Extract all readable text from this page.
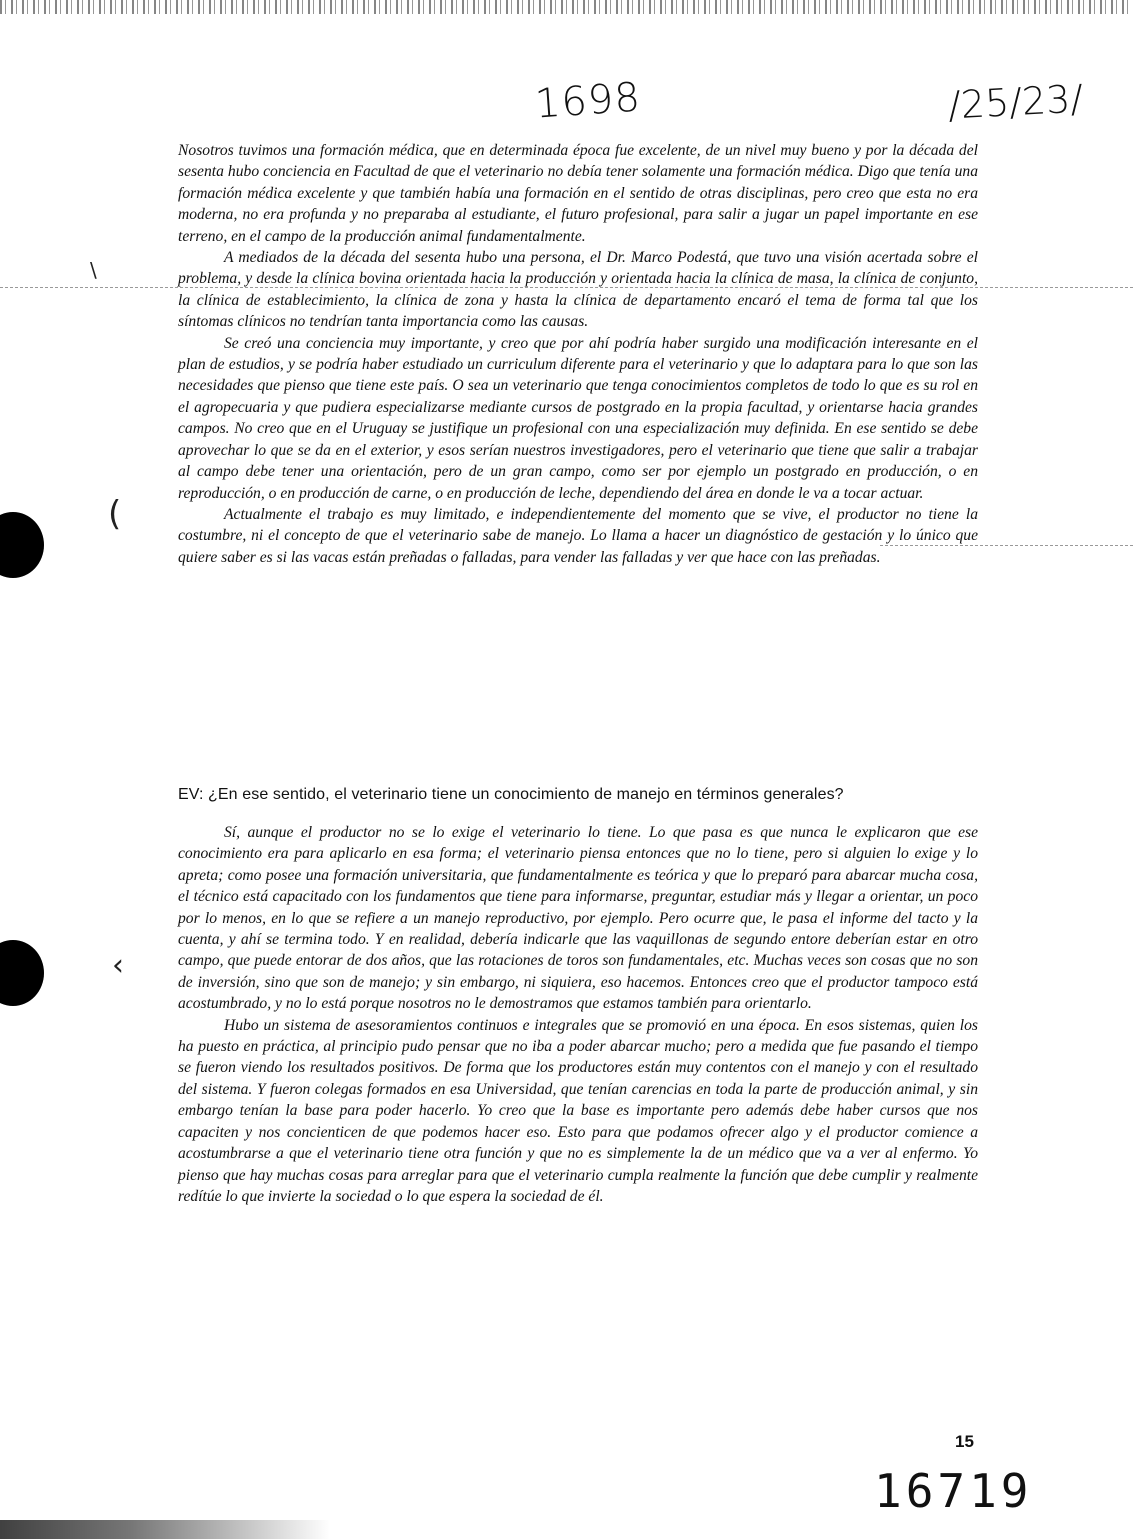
(
‹
\
1698	/25/23/

Nosotros tuvimos una formación médica, que en determinada época fue excelente, de un nivel muy bueno y por la década del sesenta hubo conciencia en Facultad de que el veterinario no debía tener solamente una formación médica. Digo que tenía una formación médica excelente y que también había una formación en el sentido de otras disciplinas, pero creo que esta no era moderna, no era profunda y no preparaba al estudiante, el futuro profesional, para salir a jugar un papel importante en ese terreno, en el campo de la producción animal fundamentalmente.

A mediados de la década del sesenta hubo una persona, el Dr. Marco Podestá, que tuvo una visión acertada sobre el problema, y desde la clínica bovina orientada hacia la producción y orientada hacia la clínica de masa, la clínica de conjunto, la clínica de establecimiento, la clínica de zona y hasta la clínica de departamento encaró el tema de forma tal que los síntomas clínicos no tendrían tanta importancia como las causas.

Se creó una conciencia muy importante, y creo que por ahí podría haber surgido una modificación interesante en el plan de estudios, y se podría haber estudiado un curriculum diferente para el veterinario y que lo adaptara para lo que son las necesidades que pienso que tiene este país. O sea un veterinario que tenga conocimientos completos de todo lo que es su rol en el agropecuaria y que pudiera especializarse mediante cursos de postgrado en la propia facultad, y orientarse hacia grandes campos. No creo que en el Uruguay se justifique un profesional con una especialización muy definida. En ese sentido se debe aprovechar lo que se da en el exterior, y esos serían nuestros investigadores, pero el veterinario que tiene que salir a trabajar al campo debe tener una orientación, pero de un gran campo, como ser por ejemplo un postgrado en producción, o en reproducción, o en producción de carne, o en producción de leche, dependiendo del área en donde le va a tocar actuar.

Actualmente el trabajo es muy limitado, e independientemente del momento que se vive, el productor no tiene la costumbre, ni el concepto de que el veterinario sabe de manejo. Lo llama a hacer un diagnóstico de gestación y lo único que quiere saber es si las vacas están preñadas o falladas, para vender las falladas y ver que hace con las preñadas.

EV: ¿En ese sentido, el veterinario tiene un conocimiento de manejo en términos generales?

Sí, aunque el productor no se lo exige el veterinario lo tiene. Lo que pasa es que nunca le explicaron que ese conocimiento era para aplicarlo en esa forma; el veterinario piensa entonces que no lo tiene, pero si alguien lo exige y lo apreta; como posee una formación universitaria, que fundamentalmente es teórica y que lo preparó para abarcar mucha cosa, el técnico está capacitado con los fundamentos que tiene para informarse, preguntar, estudiar más y llegar a orientar, un poco por lo menos, en lo que se refiere a un manejo reproductivo, por ejemplo. Pero ocurre que, le pasa el informe del tacto y la cuenta, y ahí se termina todo. Y en realidad, debería indicarle que las vaquillonas de segundo entore deberían estar en otro campo, que puede entorar de dos años, que las rotaciones de toros son fundamentales, etc. Muchas veces son cosas que no son de inversión, sino que son de manejo; y sin embargo, ni siquiera, eso hacemos. Entonces creo que el productor tampoco está acostumbrado, y no lo está porque nosotros no le demostramos que estamos también para orientarlo.

Hubo un sistema de asesoramientos continuos e integrales que se promovió en una época. En esos sistemas, quien los ha puesto en práctica, al principio pudo pensar que no iba a poder abarcar mucho; pero a medida que fue pasando el tiempo se fueron viendo los resultados positivos. De forma que los productores están muy contentos con el manejo y con el resultado del sistema. Y fueron colegas formados en esa Universidad, que tenían carencias en toda la parte de producción animal, y sin embargo tenían la base para poder hacerlo. Yo creo que la base es importante pero además debe haber cursos que nos capaciten y nos concienticen de que podemos hacer eso. Esto para que podamos ofrecer algo y el productor comience a acostumbrarse a que el veterinario tiene otra función y que no es simplemente la de un médico que va a ver al enfermo. Yo pienso que hay muchas cosas para arreglar para que el veterinario cumpla realmente la función que debe cumplir y realmente redítúe lo que invierte la sociedad o lo que espera la sociedad de él.

15
16719
